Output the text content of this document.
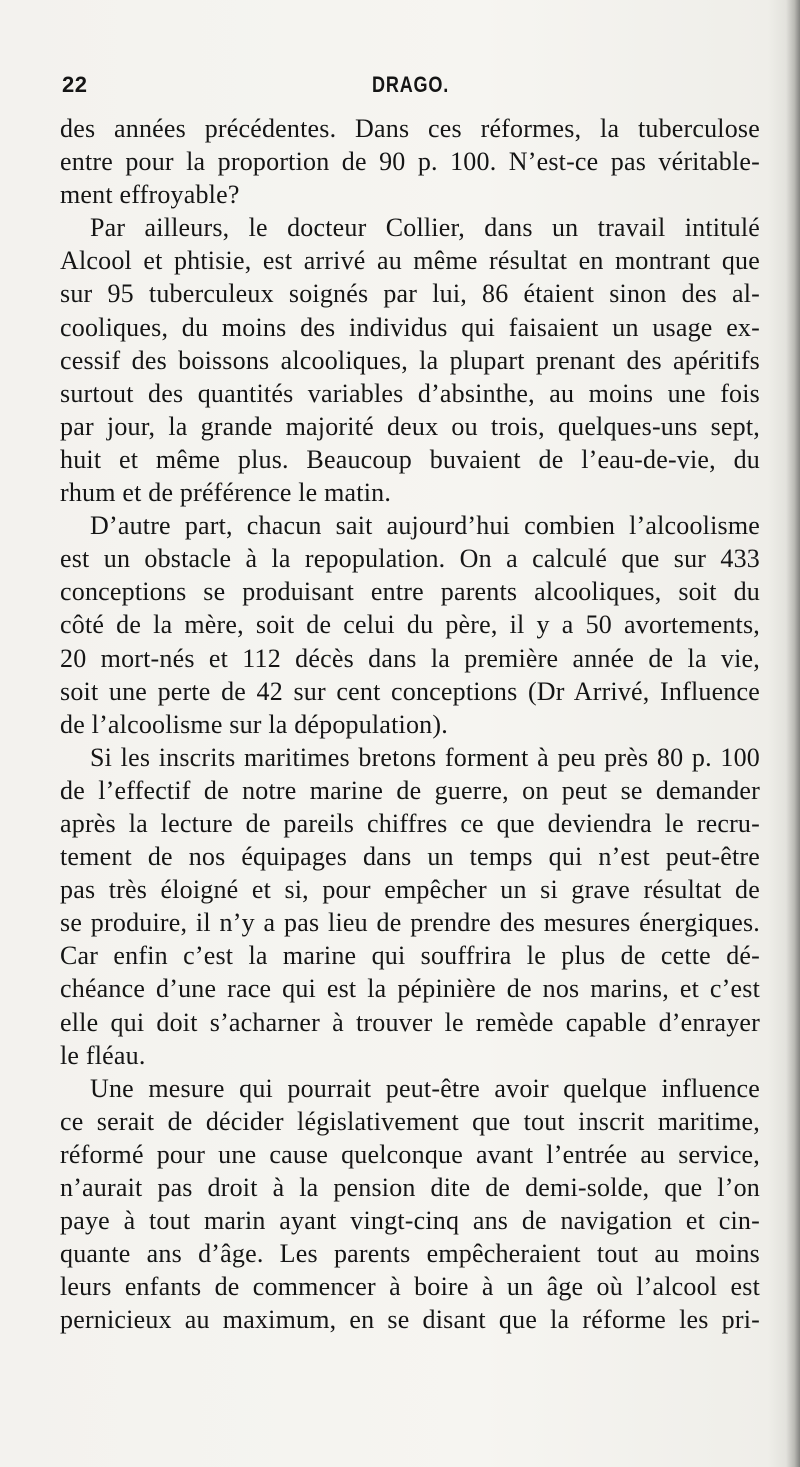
22	DRAGO.
des années précédentes. Dans ces réformes, la tuberculose
entre pour la proportion de 90 p. 100. N’est-ce pas véritable-
ment effroyable?
Par ailleurs, le docteur Collier, dans un travail intitulé
Alcool et phtisie, est arrivé au même résultat en montrant que
sur 95 tuberculeux soignés par lui, 86 étaient sinon des al-
cooliques, du moins des individus qui faisaient un usage ex-
cessif des boissons alcooliques, la plupart prenant des apéritifs
surtout des quantités variables d’absinthe, au moins une fois
par jour, la grande majorité deux ou trois, quelques-uns sept,
huit et même plus. Beaucoup buvaient de l’eau-de-vie, du
rhum et de préférence le matin.
D’autre part, chacun sait aujourd’hui combien l’alcoolisme
est un obstacle à la repopulation. On a calculé que sur 433
conceptions se produisant entre parents alcooliques, soit du
côté de la mère, soit de celui du père, il y a 50 avortements,
20 mort-nés et 112 décès dans la première année de la vie,
soit une perte de 42 sur cent conceptions (Dr Arrivé, Influence
de l’alcoolisme sur la dépopulation).
Si les inscrits maritimes bretons forment à peu près 80 p. 100
de l’effectif de notre marine de guerre, on peut se demander
après la lecture de pareils chiffres ce que deviendra le recru-
tement de nos équipages dans un temps qui n’est peut-être
pas très éloigné et si, pour empêcher un si grave résultat de
se produire, il n’y a pas lieu de prendre des mesures énergiques.
Car enfin c’est la marine qui souffrira le plus de cette dé-
chéance d’une race qui est la pépinière de nos marins, et c’est
elle qui doit s’acharner à trouver le remède capable d’enrayer
le fléau.
Une mesure qui pourrait peut-être avoir quelque influence
ce serait de décider législativement que tout inscrit maritime,
réformé pour une cause quelconque avant l’entrée au service,
n’aurait pas droit à la pension dite de demi-solde, que l’on
paye à tout marin ayant vingt-cinq ans de navigation et cin-
quante ans d’âge. Les parents empêcheraient tout au moins
leurs enfants de commencer à boire à un âge où l’alcool est
pernicieux au maximum, en se disant que la réforme les pri-
